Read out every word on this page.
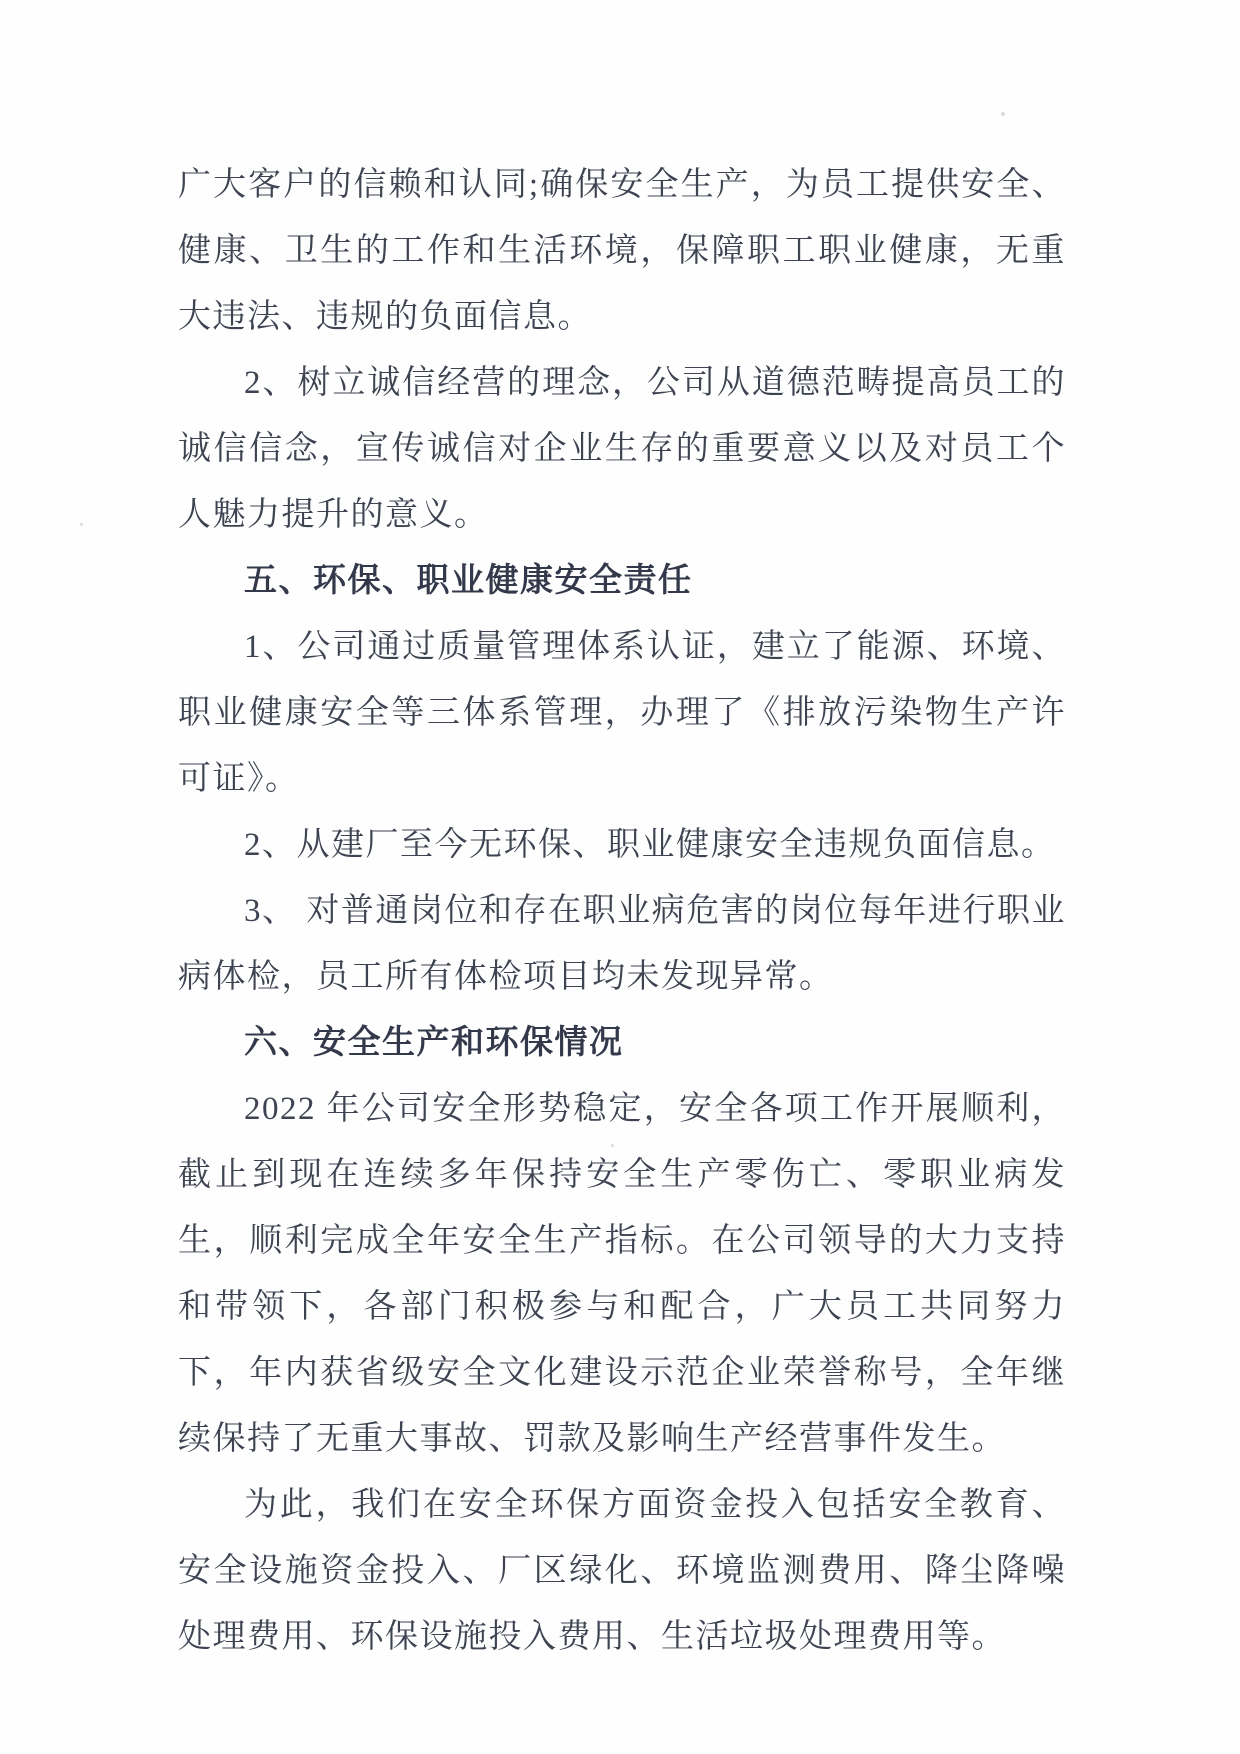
广大客户的信赖和认同;确保安全生产，为员工提供安全、健康、卫生的工作和生活环境，保障职工职业健康，无重大违法、违规的负面信息。

2、树立诚信经营的理念，公司从道德范畴提高员工的诚信信念，宣传诚信对企业生存的重要意义以及对员工个人魅力提升的意义。

五、环保、职业健康安全责任

1、公司通过质量管理体系认证，建立了能源、环境、职业健康安全等三体系管理，办理了《排放污染物生产许可证》。

2、从建厂至今无环保、职业健康安全违规负面信息。

3、 对普通岗位和存在职业病危害的岗位每年进行职业病体检，员工所有体检项目均未发现异常。

六、安全生产和环保情况

2022 年公司安全形势稳定，安全各项工作开展顺利，截止到现在连续多年保持安全生产零伤亡、零职业病发生，顺利完成全年安全生产指标。在公司领导的大力支持和带领下，各部门积极参与和配合，广大员工共同努力下，年内获省级安全文化建设示范企业荣誉称号，全年继续保持了无重大事故、罚款及影响生产经营事件发生。

为此，我们在安全环保方面资金投入包括安全教育、安全设施资金投入、厂区绿化、环境监测费用、降尘降噪处理费用、环保设施投入费用、生活垃圾处理费用等。
